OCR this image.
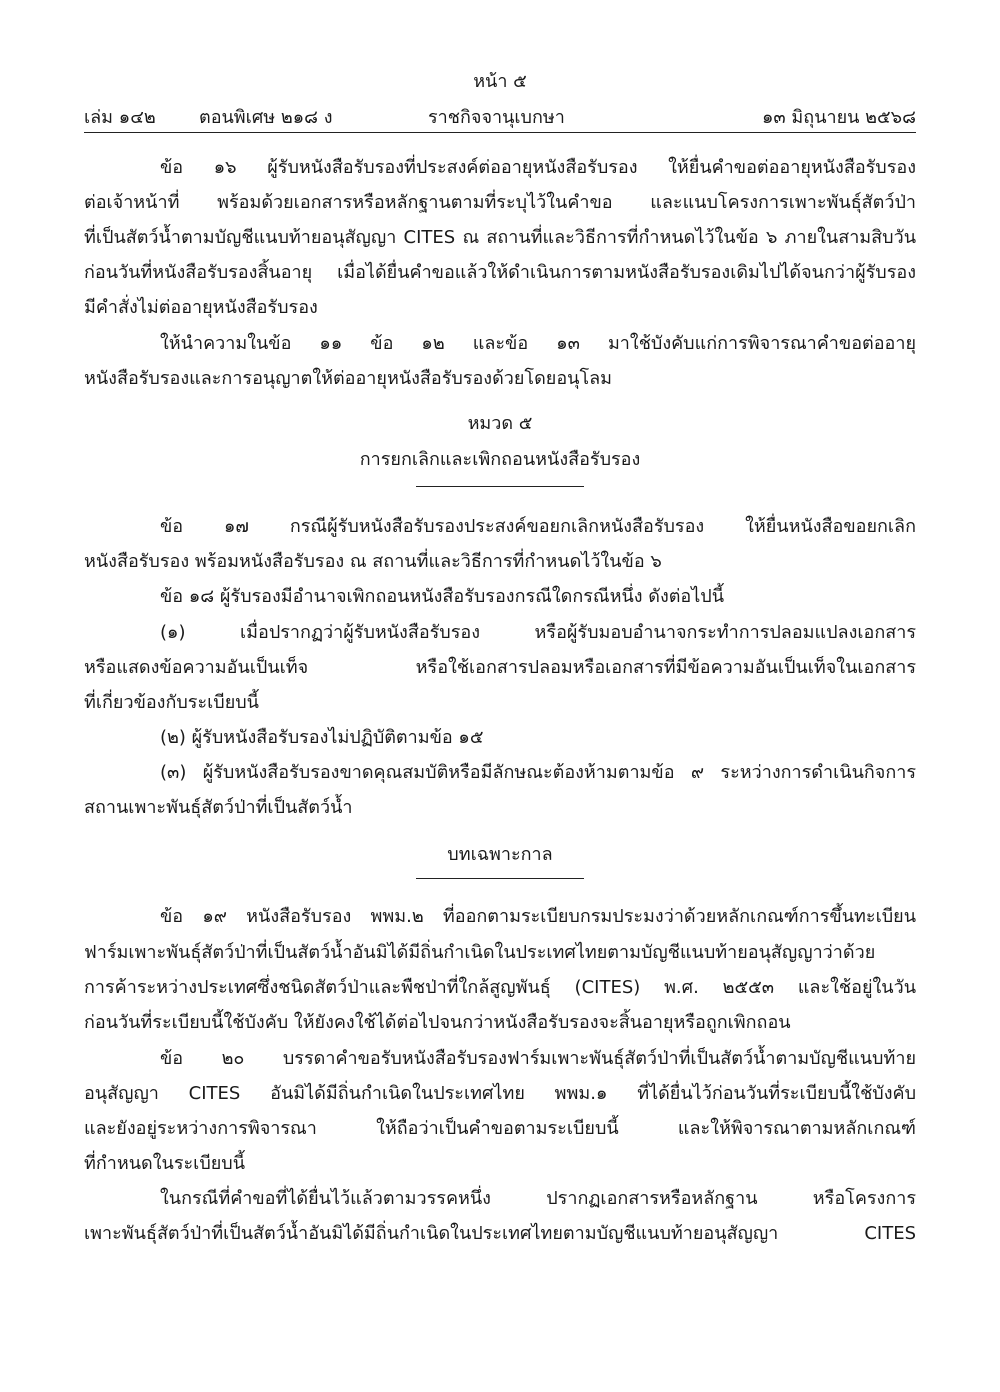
หน้า ๕
เล่ม ๑๔๒ ตอนพิเศษ ๒๑๘ ง	ราชกิจจานุเบกษา	๑๓ มิถุนายน ๒๕๖๘
ข้อ ๑๖ ผู้รับหนังสือรับรองที่ประสงค์ต่ออายุหนังสือรับรอง ให้ยื่นคำขอต่ออายุหนังสือรับรอง
ต่อเจ้าหน้าที่ พร้อมด้วยเอกสารหรือหลักฐานตามที่ระบุไว้ในคำขอ และแนบโครงการเพาะพันธุ์สัตว์ป่า
ที่เป็นสัตว์น้ำตามบัญชีแนบท้ายอนุสัญญา CITES ณ สถานที่และวิธีการที่กำหนดไว้ในข้อ ๖ ภายในสามสิบวัน
ก่อนวันที่หนังสือรับรองสิ้นอายุ เมื่อได้ยื่นคำขอแล้วให้ดำเนินการตามหนังสือรับรองเดิมไปได้จนกว่าผู้รับรอง
มีคำสั่งไม่ต่ออายุหนังสือรับรอง
ให้นำความในข้อ ๑๑ ข้อ ๑๒ และข้อ ๑๓ มาใช้บังคับแก่การพิจารณาคำขอต่ออายุ
หนังสือรับรองและการอนุญาตให้ต่ออายุหนังสือรับรองด้วยโดยอนุโลม
หมวด ๕
การยกเลิกและเพิกถอนหนังสือรับรอง
ข้อ ๑๗ กรณีผู้รับหนังสือรับรองประสงค์ขอยกเลิกหนังสือรับรอง ให้ยื่นหนังสือขอยกเลิก
หนังสือรับรอง พร้อมหนังสือรับรอง ณ สถานที่และวิธีการที่กำหนดไว้ในข้อ ๖
ข้อ ๑๘ ผู้รับรองมีอำนาจเพิกถอนหนังสือรับรองกรณีใดกรณีหนึ่ง ดังต่อไปนี้
(๑) เมื่อปรากฏว่าผู้รับหนังสือรับรอง หรือผู้รับมอบอำนาจกระทำการปลอมแปลงเอกสาร
หรือแสดงข้อความอันเป็นเท็จ หรือใช้เอกสารปลอมหรือเอกสารที่มีข้อความอันเป็นเท็จในเอกสาร
ที่เกี่ยวข้องกับระเบียบนี้
(๒) ผู้รับหนังสือรับรองไม่ปฏิบัติตามข้อ ๑๕
(๓) ผู้รับหนังสือรับรองขาดคุณสมบัติหรือมีลักษณะต้องห้ามตามข้อ ๙ ระหว่างการดำเนินกิจการ
สถานเพาะพันธุ์สัตว์ป่าที่เป็นสัตว์น้ำ
บทเฉพาะกาล
ข้อ ๑๙ หนังสือรับรอง พพม.๒ ที่ออกตามระเบียบกรมประมงว่าด้วยหลักเกณฑ์การขึ้นทะเบียน
ฟาร์มเพาะพันธุ์สัตว์ป่าที่เป็นสัตว์น้ำอันมิได้มีถิ่นกำเนิดในประเทศไทยตามบัญชีแนบท้ายอนุสัญญาว่าด้วย
การค้าระหว่างประเทศซึ่งชนิดสัตว์ป่าและพืชป่าที่ใกล้สูญพันธุ์ (CITES) พ.ศ. ๒๕๕๓ และใช้อยู่ในวัน
ก่อนวันที่ระเบียบนี้ใช้บังคับ ให้ยังคงใช้ได้ต่อไปจนกว่าหนังสือรับรองจะสิ้นอายุหรือถูกเพิกถอน
ข้อ ๒๐ บรรดาคำขอรับหนังสือรับรองฟาร์มเพาะพันธุ์สัตว์ป่าที่เป็นสัตว์น้ำตามบัญชีแนบท้าย
อนุสัญญา CITES อันมิได้มีถิ่นกำเนิดในประเทศไทย พพม.๑ ที่ได้ยื่นไว้ก่อนวันที่ระเบียบนี้ใช้บังคับ
และยังอยู่ระหว่างการพิจารณา ให้ถือว่าเป็นคำขอตามระเบียบนี้ และให้พิจารณาตามหลักเกณฑ์
ที่กำหนดในระเบียบนี้
ในกรณีที่คำขอที่ได้ยื่นไว้แล้วตามวรรคหนึ่ง ปรากฏเอกสารหรือหลักฐาน หรือโครงการ
เพาะพันธุ์สัตว์ป่าที่เป็นสัตว์น้ำอันมิได้มีถิ่นกำเนิดในประเทศไทยตามบัญชีแนบท้ายอนุสัญญา CITES
